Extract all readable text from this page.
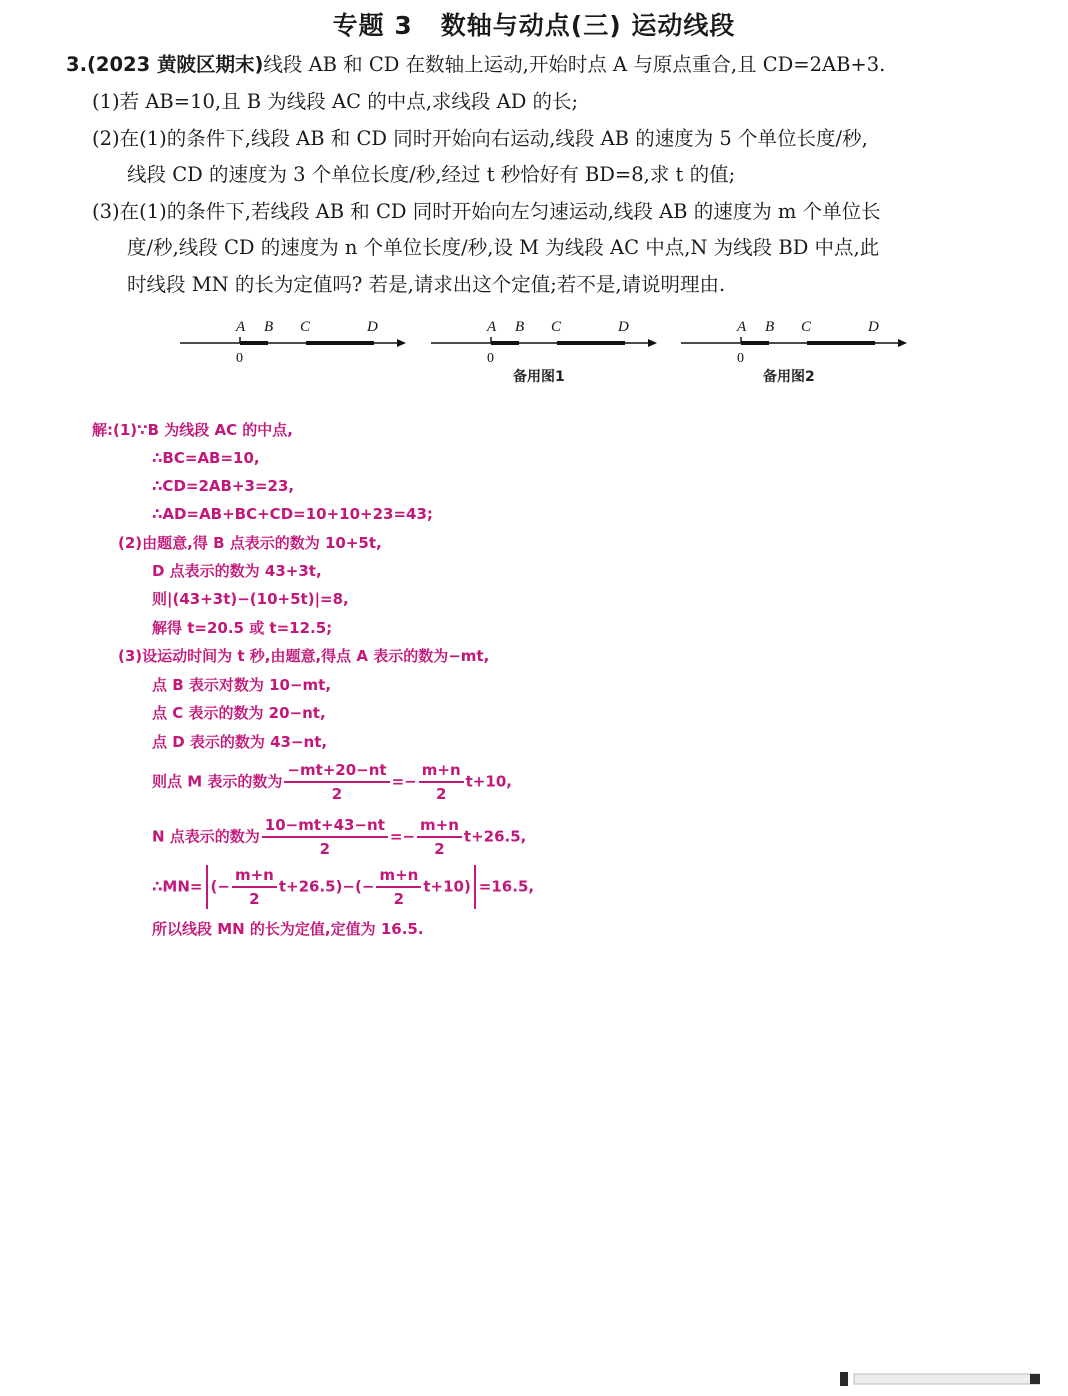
专题 3 数轴与动点(三) 运动线段
3.(2023 黄陂区期末)线段 AB 和 CD 在数轴上运动,开始时点 A 与原点重合,且 CD=2AB+3.
(1)若 AB=10,且 B 为线段 AC 的中点,求线段 AD 的长;
(2)在(1)的条件下,线段 AB 和 CD 同时开始向右运动,线段 AB 的速度为 5 个单位长度/秒,
线段 CD 的速度为 3 个单位长度/秒,经过 t 秒恰好有 BD=8,求 t 的值;
(3)在(1)的条件下,若线段 AB 和 CD 同时开始向左匀速运动,线段 AB 的速度为 m 个单位长
度/秒,线段 CD 的速度为 n 个单位长度/秒,设 M 为线段 AC 中点,N 为线段 BD 中点,此
时线段 MN 的长为定值吗? 若是,请求出这个定值;若不是,请说明理由.
A B C	D
0
A B C	D
0
备用图1
A B C	D
0
备用图2
解:(1)∵B 为线段 AC 的中点,
∴BC=AB=10,
∴CD=2AB+3=23,
∴AD=AB+BC+CD=10+10+23=43;
(2)由题意,得 B 点表示的数为 10+5t,
D 点表示的数为 43+3t,
则|(43+3t)−(10+5t)|=8,
解得 t=20.5 或 t=12.5;
(3)设运动时间为 t 秒,由题意,得点 A 表示的数为−mt,
点 B 表示对数为 10−mt,
点 C 表示的数为 20−nt,
点 D 表示的数为 43−nt,
则点 M 表示的数为 $\frac{-mt+20-nt}{2} =- \frac{m+n}{2} t+10$,
N 点表示的数为 $\frac{10-mt+43-nt}{2} =- \frac{m+n}{2} t+26.5$,
∴MN= (− $\frac{m+n}{2} t+26.5)-(- \frac{m+n}{2} t+10) =16.5$,
所以线段 MN 的长为定值,定值为 16.5.
